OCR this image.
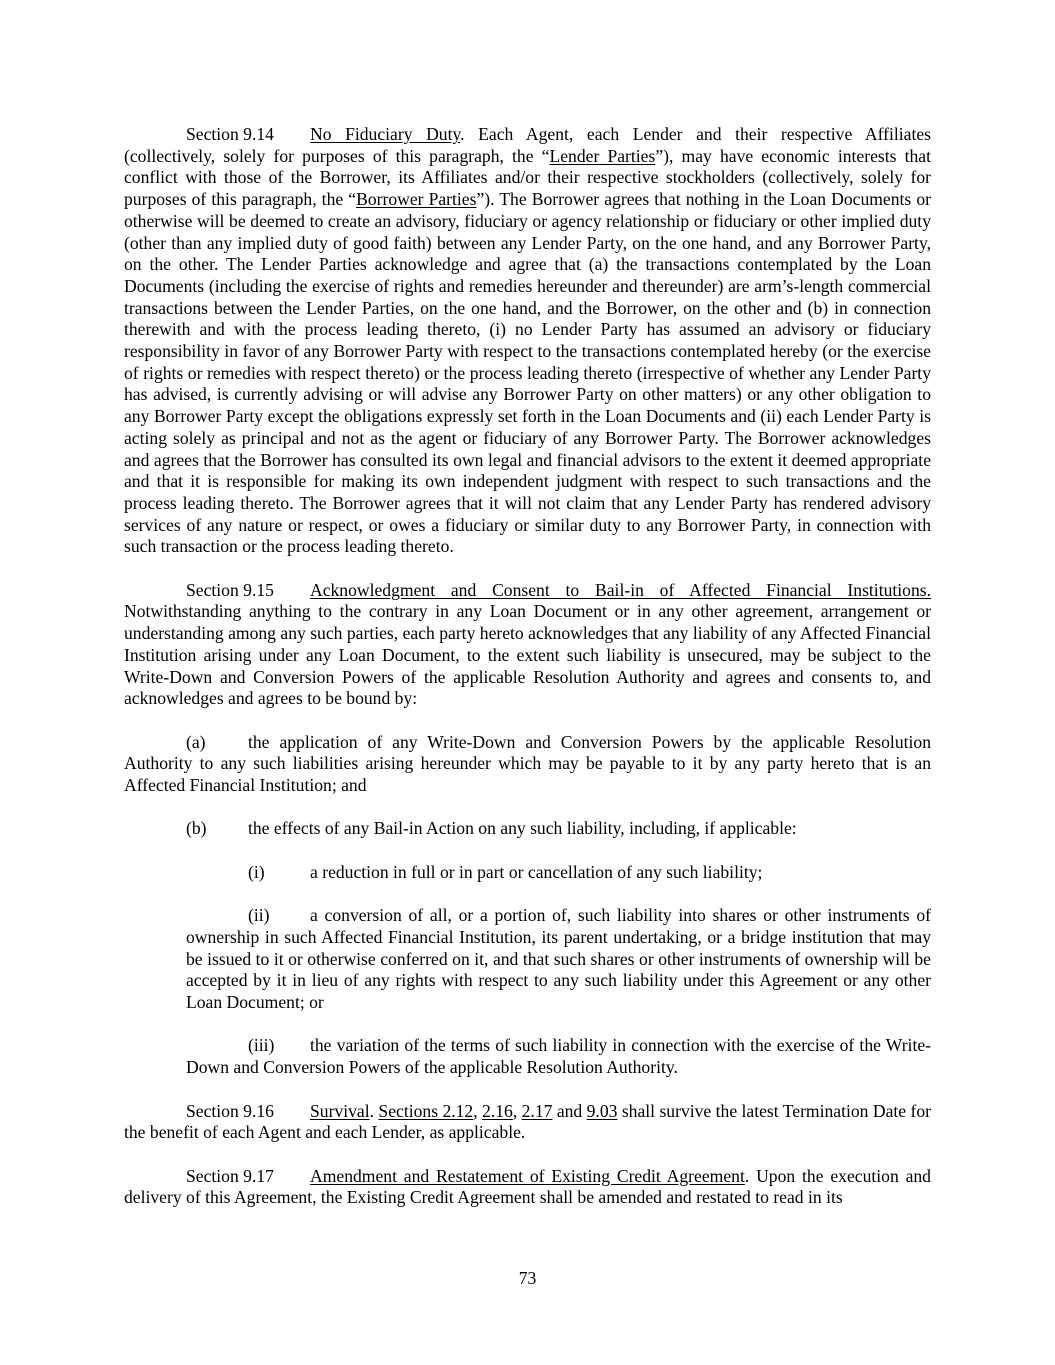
Section 9.14 No Fiduciary Duty. Each Agent, each Lender and their respective Affiliates (collectively, solely for purposes of this paragraph, the “Lender Parties”), may have economic interests that conflict with those of the Borrower, its Affiliates and/or their respective stockholders (collectively, solely for purposes of this paragraph, the “Borrower Parties”). The Borrower agrees that nothing in the Loan Documents or otherwise will be deemed to create an advisory, fiduciary or agency relationship or fiduciary or other implied duty (other than any implied duty of good faith) between any Lender Party, on the one hand, and any Borrower Party, on the other. The Lender Parties acknowledge and agree that (a) the transactions contemplated by the Loan Documents (including the exercise of rights and remedies hereunder and thereunder) are arm’s-length commercial transactions between the Lender Parties, on the one hand, and the Borrower, on the other and (b) in connection therewith and with the process leading thereto, (i) no Lender Party has assumed an advisory or fiduciary responsibility in favor of any Borrower Party with respect to the transactions contemplated hereby (or the exercise of rights or remedies with respect thereto) or the process leading thereto (irrespective of whether any Lender Party has advised, is currently advising or will advise any Borrower Party on other matters) or any other obligation to any Borrower Party except the obligations expressly set forth in the Loan Documents and (ii) each Lender Party is acting solely as principal and not as the agent or fiduciary of any Borrower Party. The Borrower acknowledges and agrees that the Borrower has consulted its own legal and financial advisors to the extent it deemed appropriate and that it is responsible for making its own independent judgment with respect to such transactions and the process leading thereto. The Borrower agrees that it will not claim that any Lender Party has rendered advisory services of any nature or respect, or owes a fiduciary or similar duty to any Borrower Party, in connection with such transaction or the process leading thereto.

Section 9.15 Acknowledgment and Consent to Bail-in of Affected Financial Institutions. Notwithstanding anything to the contrary in any Loan Document or in any other agreement, arrangement or understanding among any such parties, each party hereto acknowledges that any liability of any Affected Financial Institution arising under any Loan Document, to the extent such liability is unsecured, may be subject to the Write-Down and Conversion Powers of the applicable Resolution Authority and agrees and consents to, and acknowledges and agrees to be bound by:

(a) the application of any Write-Down and Conversion Powers by the applicable Resolution Authority to any such liabilities arising hereunder which may be payable to it by any party hereto that is an Affected Financial Institution; and

(b) the effects of any Bail-in Action on any such liability, including, if applicable:

(i)	a reduction in full or in part or cancellation of any such liability;

(ii) a conversion of all, or a portion of, such liability into shares or other instruments of ownership in such Affected Financial Institution, its parent undertaking, or a bridge institution that may be issued to it or otherwise conferred on it, and that such shares or other instruments of ownership will be accepted by it in lieu of any rights with respect to any such liability under this Agreement or any other Loan Document; or

(iii) the variation of the terms of such liability in connection with the exercise of the Write-Down and Conversion Powers of the applicable Resolution Authority.

Section 9.16 Survival. Sections 2.12, 2.16, 2.17 and 9.03 shall survive the latest Termination Date for the benefit of each Agent and each Lender, as applicable.

Section 9.17 Amendment and Restatement of Existing Credit Agreement. Upon the execution and delivery of this Agreement, the Existing Credit Agreement shall be amended and restated to read in its

73
